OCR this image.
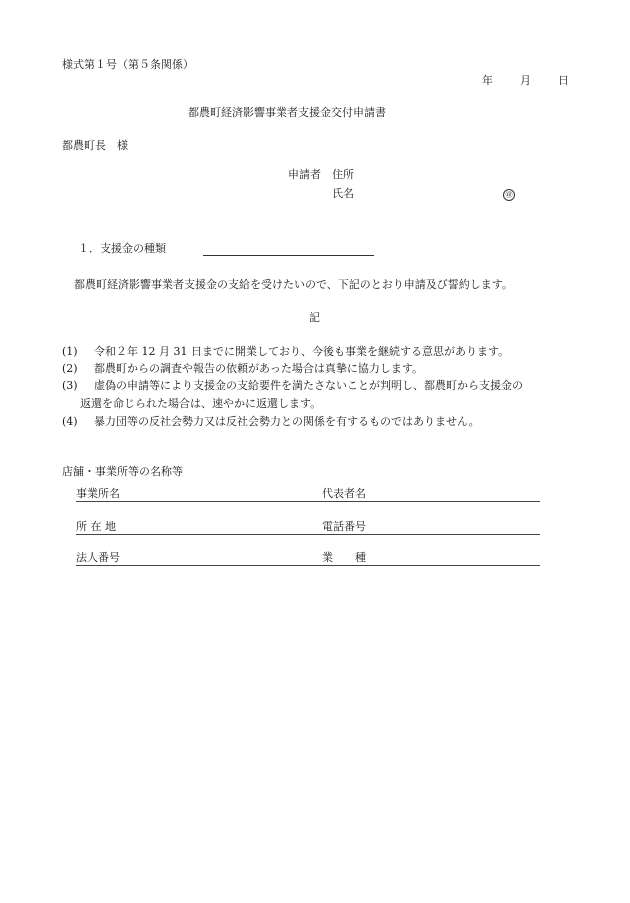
様式第１号（第５条関係）
年 月 日
都農町経済影響事業者支援金交付申請書
都農町長　様
申請者 住所
氏名	㊞
１．支援金の種類
都農町経済影響事業者支援金の支給を受けたいので、下記のとおり申請及び誓約します。
記
(1) 令和２年 12 月 31 日までに開業しており、今後も事業を継続する意思があります。
(2) 都農町からの調査や報告の依頼があった場合は真摯に協力します。
(3) 虚偽の申請等により支援金の支給要件を満たさないことが判明し、都農町から支援金の
返還を命じられた場合は、速やかに返還します。
(4) 暴力団等の反社会勢力又は反社会勢力との関係を有するものではありません。
店舗・事業所等の名称等
事業所名	代表者名
所 在 地	電話番号
法人番号	業　　種
